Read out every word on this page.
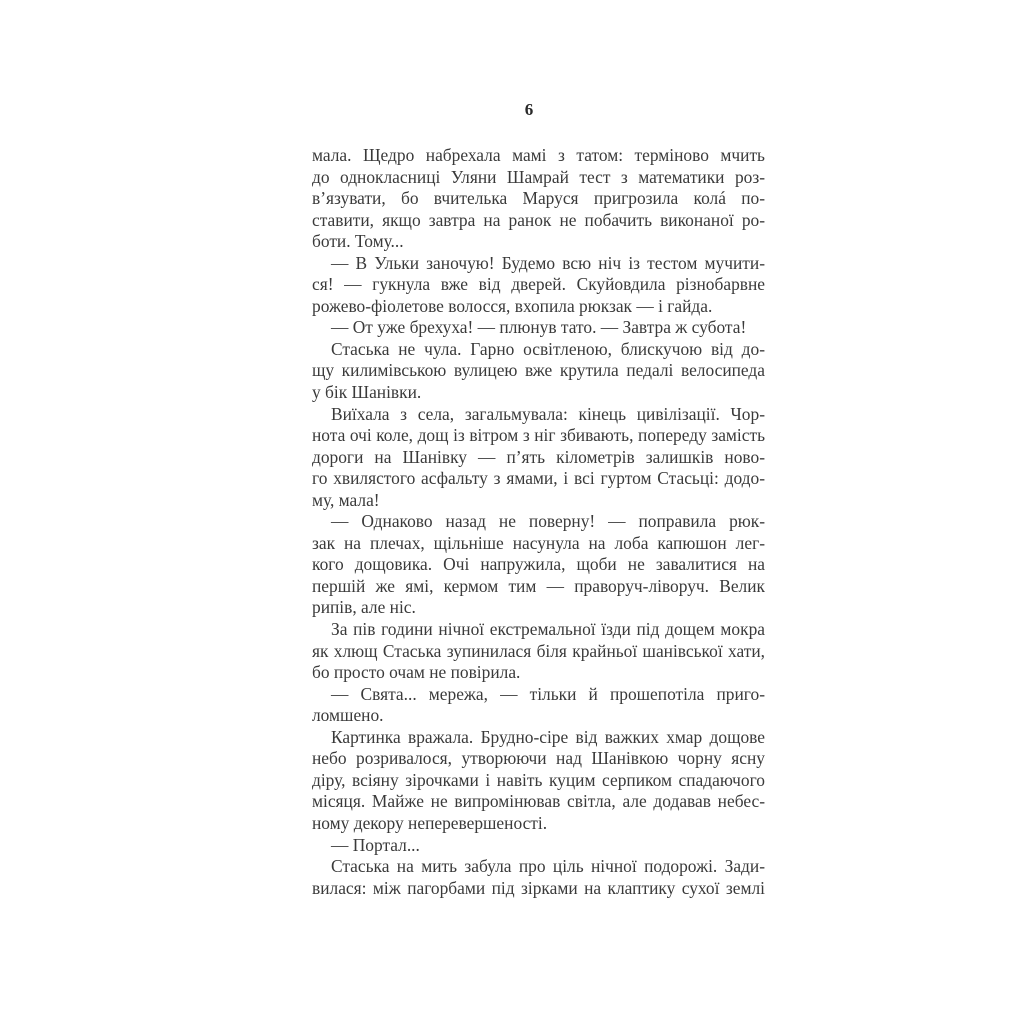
6
мала. Щедро набрехала мамі з татом: терміново мчить
до однокласниці Уляни Шамрай тест з математики роз-
в’язувати, бо вчителька Маруся пригрозила колá по-
ставити, якщо завтра на ранок не побачить виконаної ро-
боти. Тому...
— В Ульки заночую! Будемо всю ніч із тестом мучити-
ся! — гукнула вже від дверей. Скуйовдила різнобарвне
рожево-фіолетове волосся, вхопила рюкзак — і гайда.
— От уже брехуха! — плюнув тато. — Завтра ж субота!
Стаська не чула. Гарно освітленою, блискучою від до-
щу килимівською вулицею вже крутила педалі велосипеда
у бік Шанівки.
Виїхала з села, загальмувала: кінець цивілізації. Чор-
нота очі коле, дощ із вітром з ніг збивають, попереду замість
дороги на Шанівку — п’ять кілометрів залишків ново-
го хвилястого асфальту з ямами, і всі гуртом Стасьці: додо-
му, мала!
— Однаково назад не поверну! — поправила рюк-
зак на плечах, щільніше насунула на лоба капюшон лег-
кого дощовика. Очі напружила, щоби не завалитися на
першій же ямі, кермом тим — праворуч-ліворуч. Велик
рипів, але ніс.
За пів години нічної екстремальної їзди під дощем мокра
як хлющ Стаська зупинилася біля крайньої шанівської хати,
бо просто очам не повірила.
— Свята... мережа, — тільки й прошепотіла приго-
ломшено.
Картинка вражала. Брудно-сіре від важких хмар дощове
небо розривалося, утворюючи над Шанівкою чорну ясну
діру, всіяну зірочками і навіть куцим серпиком спадаючого
місяця. Майже не випромінював світла, але додавав небес-
ному декору неперевершеності.
— Портал...
Стаська на мить забула про ціль нічної подорожі. Зади-
вилася: між пагорбами під зірками на клаптику сухої землі
